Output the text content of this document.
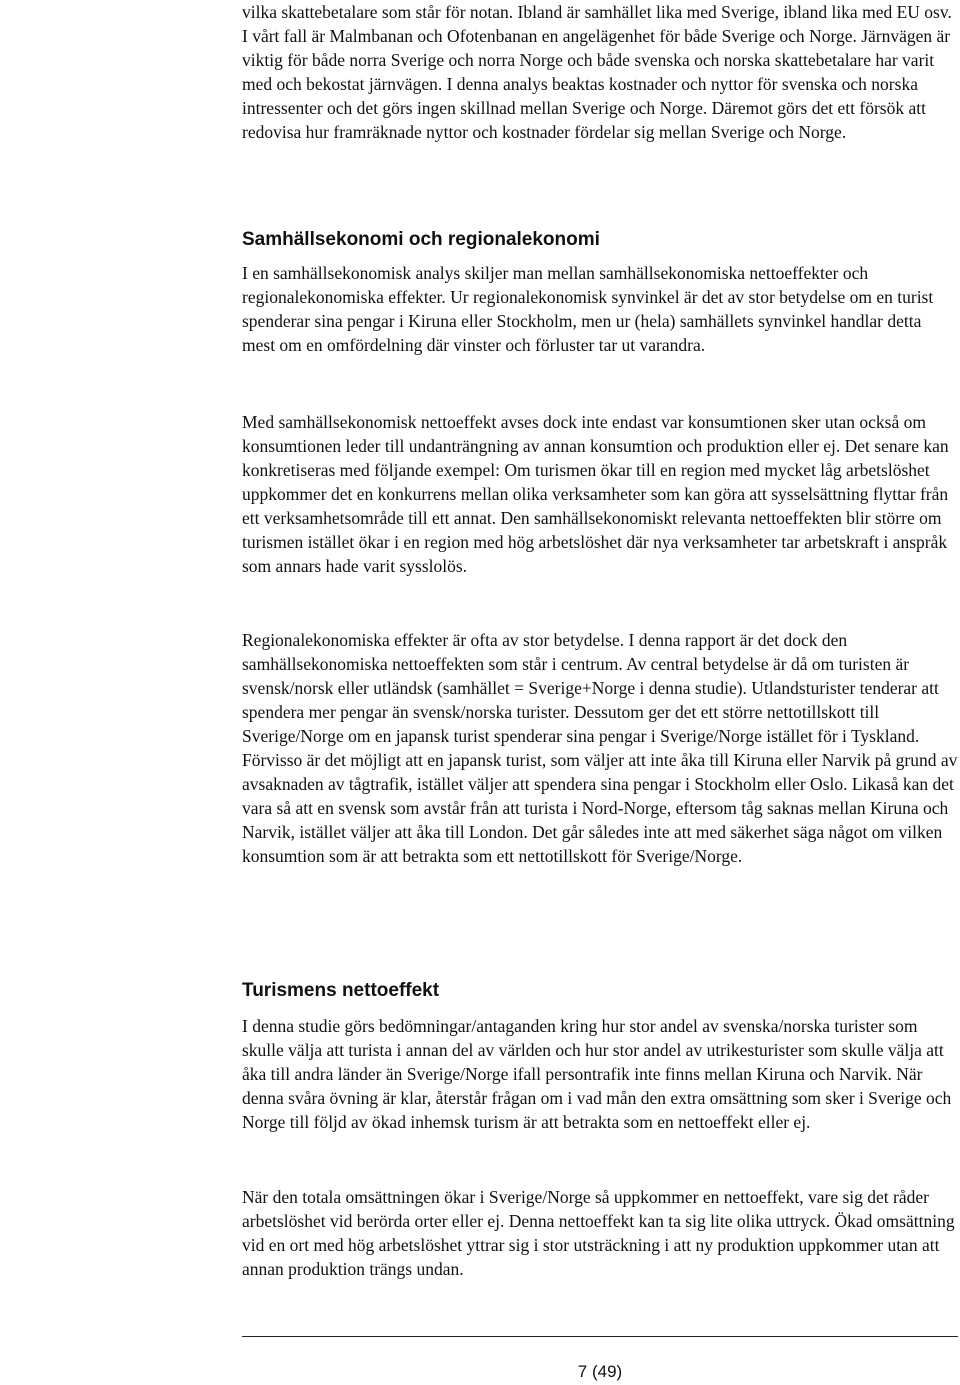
vilka skattebetalare som står för notan. Ibland är samhället lika med Sverige, ibland lika med EU osv. I vårt fall är Malmbanan och Ofotenbanan en angelägenhet för både Sverige och Norge. Järnvägen är viktig för både norra Sverige och norra Norge och både svenska och norska skattebetalare har varit med och bekostat järnvägen. I denna analys beaktas kostnader och nyttor för svenska och norska intressenter och det görs ingen skillnad mellan Sverige och Norge. Däremot görs det ett försök att redovisa hur framräknade nyttor och kostnader fördelar sig mellan Sverige och Norge.

Samhällsekonomi och regionalekonomi

I en samhällsekonomisk analys skiljer man mellan samhällsekonomiska nettoeffekter och regionalekonomiska effekter. Ur regionalekonomisk synvinkel är det av stor betydelse om en turist spenderar sina pengar i Kiruna eller Stockholm, men ur (hela) samhällets synvinkel handlar detta mest om en omfördelning där vinster och förluster tar ut varandra.

Med samhällsekonomisk nettoeffekt avses dock inte endast var konsumtionen sker utan också om konsumtionen leder till undanträngning av annan konsumtion och produktion eller ej. Det senare kan konkretiseras med följande exempel: Om turismen ökar till en region med mycket låg arbetslöshet uppkommer det en konkurrens mellan olika verksamheter som kan göra att sysselsättning flyttar från ett verksamhetsområde till ett annat. Den samhällsekonomiskt relevanta nettoeffekten blir större om turismen istället ökar i en region med hög arbetslöshet där nya verksamheter tar arbetskraft i anspråk som annars hade varit sysslolös.

Regionalekonomiska effekter är ofta av stor betydelse. I denna rapport är det dock den samhällsekonomiska nettoeffekten som står i centrum. Av central betydelse är då om turisten är svensk/norsk eller utländsk (samhället = Sverige+Norge i denna studie). Utlandsturister tenderar att spendera mer pengar än svensk/norska turister. Dessutom ger det ett större nettotillskott till Sverige/Norge om en japansk turist spenderar sina pengar i Sverige/Norge istället för i Tyskland. Förvisso är det möjligt att en japansk turist, som väljer att inte åka till Kiruna eller Narvik på grund av avsaknaden av tågtrafik, istället väljer att spendera sina pengar i Stockholm eller Oslo. Likaså kan det vara så att en svensk som avstår från att turista i Nord-Norge, eftersom tåg saknas mellan Kiruna och Narvik, istället väljer att åka till London. Det går således inte att med säkerhet säga något om vilken konsumtion som är att betrakta som ett nettotillskott för Sverige/Norge.

Turismens nettoeffekt

I denna studie görs bedömningar/antaganden kring hur stor andel av svenska/norska turister som skulle välja att turista i annan del av världen och hur stor andel av utrikesturister som skulle välja att åka till andra länder än Sverige/Norge ifall persontrafik inte finns mellan Kiruna och Narvik. När denna svåra övning är klar, återstår frågan om i vad mån den extra omsättning som sker i Sverige och Norge till följd av ökad inhemsk turism är att betrakta som en nettoeffekt eller ej.

När den totala omsättningen ökar i Sverige/Norge så uppkommer en nettoeffekt, vare sig det råder arbetslöshet vid berörda orter eller ej. Denna nettoeffekt kan ta sig lite olika uttryck. Ökad omsättning vid en ort med hög arbetslöshet yttrar sig i stor utsträckning i att ny produktion uppkommer utan att annan produktion trängs undan.

7 (49)
